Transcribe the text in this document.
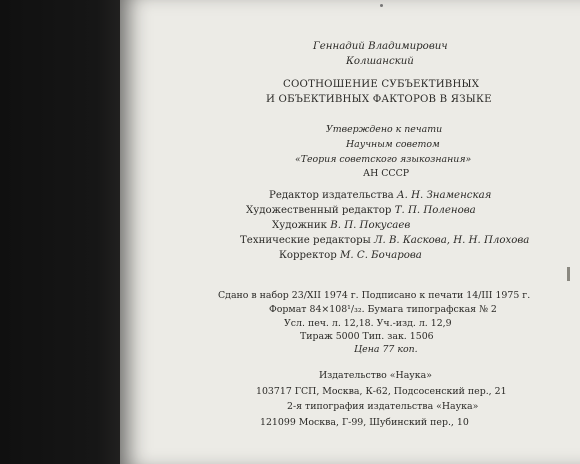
Геннадий Владимирович
Колшанский
СООТНОШЕНИЕ СУБЪЕКТИВНЫХ
И ОБЪЕКТИВНЫХ ФАКТОРОВ В ЯЗЫКЕ
Утверждено к печати
Научным советом
«Теория советского языкознания»
АН СССР
Редактор издательства А. Н. Знаменская
Художественный редактор Т. П. Поленова
Художник В. П. Покусаев
Технические редакторы Л. В. Каскова, Н. Н. Плохова
Корректор М. С. Бочарова
Сдано в набор 23/XII 1974 г. Подписано к печати 14/III 1975 г.
Формат 84×108¹/₃₂. Бумага типографская № 2
Усл. печ. л. 12,18. Уч.-изд. л. 12,9
Тираж 5000 Тип. зак. 1506
Цена 77 коп.
Издательство «Наука»
103717 ГСП, Москва, К-62, Подсосенский пер., 21
2-я типография издательства «Наука»
121099 Москва, Г-99, Шубинский пер., 10
